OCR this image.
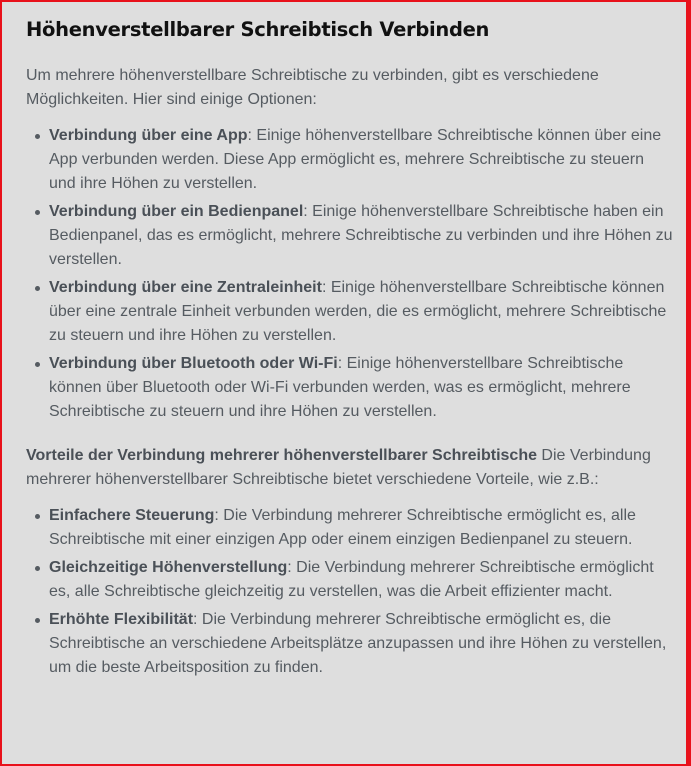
Höhenverstellbarer Schreibtisch Verbinden

Um mehrere höhenverstellbare Schreibtische zu verbinden, gibt es verschiedene Möglichkeiten. Hier sind einige Optionen:

Verbindung über eine App: Einige höhenverstellbare Schreibtische können über eine App verbunden werden. Diese App ermöglicht es, mehrere Schreibtische zu steuern und ihre Höhen zu verstellen.
Verbindung über ein Bedienpanel: Einige höhenverstellbare Schreibtische haben ein Bedienpanel, das es ermöglicht, mehrere Schreibtische zu verbinden und ihre Höhen zu verstellen.
Verbindung über eine Zentraleinheit: Einige höhenverstellbare Schreibtische können über eine zentrale Einheit verbunden werden, die es ermöglicht, mehrere Schreibtische zu steuern und ihre Höhen zu verstellen.
Verbindung über Bluetooth oder Wi-Fi: Einige höhenverstellbare Schreibtische können über Bluetooth oder Wi-Fi verbunden werden, was es ermöglicht, mehrere Schreibtische zu steuern und ihre Höhen zu verstellen.

Vorteile der Verbindung mehrerer höhenverstellbarer Schreibtische Die Verbindung mehrerer höhenverstellbarer Schreibtische bietet verschiedene Vorteile, wie z.B.:

Einfachere Steuerung: Die Verbindung mehrerer Schreibtische ermöglicht es, alle Schreibtische mit einer einzigen App oder einem einzigen Bedienpanel zu steuern.
Gleichzeitige Höhenverstellung: Die Verbindung mehrerer Schreibtische ermöglicht es, alle Schreibtische gleichzeitig zu verstellen, was die Arbeit effizienter macht.
Erhöhte Flexibilität: Die Verbindung mehrerer Schreibtische ermöglicht es, die Schreibtische an verschiedene Arbeitsplätze anzupassen und ihre Höhen zu verstellen, um die beste Arbeitsposition zu finden.
